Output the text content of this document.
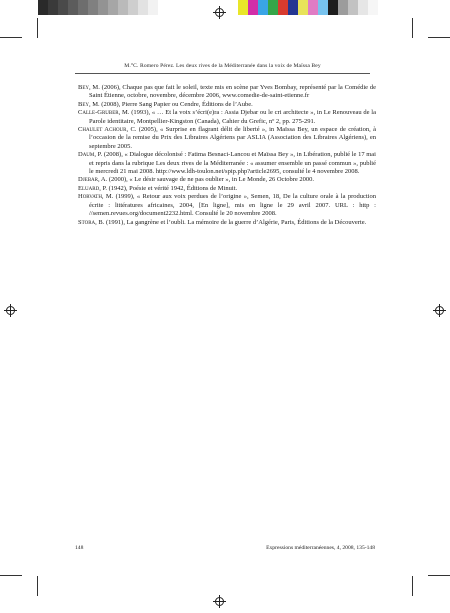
M.°C. Romero Pérez. Les deux rives de la Méditerranée dans la voix de Maïssa Bey

Bey, M. (2006), Chaque pas que fait le soleil, texte mis en scène par Yves Bombay, représenté par la Comédie de Saint Étienne, octobre, novembre, décembre 2006, www.comedie-de-saint-etienne.fr

Bey, M. (2008), Pierre Sang Papier ou Cendre, Éditions de l’Aube.

Calle-Gruber, M. (1993), « … Et la voix s’écri(e)ra : Assia Djebar ou le cri architecte », in Le Renouveau de la Parole identitaire, Montpellier-Kingston (Canada), Cahier du Grefic, nº 2, pp. 275-291.

Chaulet Achour, C. (2005), « Surprise en flagrant délit de liberté », in Maïssa Bey, un espace de création, à l’occasion de la remise du Prix des Libraires Algériens par ASLIA (Association des Libraires Algériens), en septembre 2005.

Daum, P. (2008), « Dialogue décolonisé : Fatima Besnaci-Lancou et Maïssa Bey », in Libération, publié le 17 mai et repris dans la rubrique Les deux rives de la Méditerranée : « assumer ensemble un passé commun », publié le mercredi 21 mai 2008. http://www.ldh-toulon.net/spip.php?article2695, consulté le 4 novembre 2008.

Djebar, A. (2000), « Le désir sauvage de ne pas oublier », in Le Monde, 26 Octobre 2000.

Eluard, P. (1942), Poésie et vérité 1942, Éditions de Minuit.

Horvath, M. (1999), « Retour aux voix perdues de l’origine », Semen, 18, De la culture orale à la production écrite : littératures africaines, 2004, [En ligne], mis en ligne le 29 avril 2007. URL : http : //semen.revues.org/document2232.html. Consulté le 20 novembre 2008.

Stora, B. (1991), La gangrène et l’oubli. La mémoire de la guerre d’Algérie, Paris, Éditions de la Découverte.

148	Expressions méditerranéennes, 4, 2008, 135-148
